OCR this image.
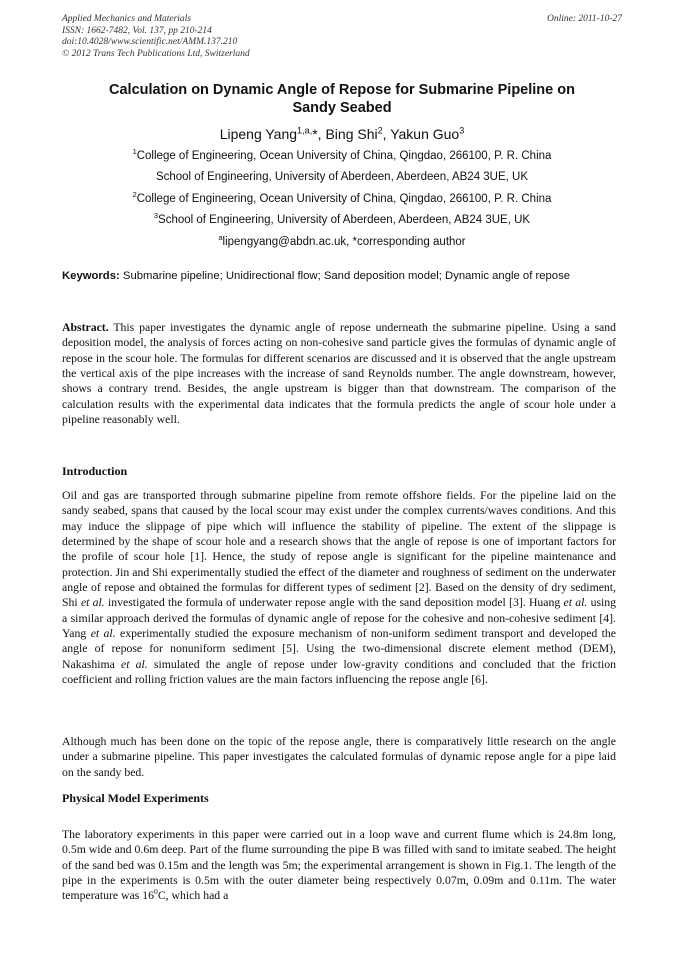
Applied Mechanics and Materials
ISSN: 1662-7482, Vol. 137, pp 210-214
doi:10.4028/www.scientific.net/AMM.137.210
© 2012 Trans Tech Publications Ltd, Switzerland
Online: 2011-10-27
Calculation on Dynamic Angle of Repose for Submarine Pipeline on
Sandy Seabed
Lipeng Yang$^{1,a,}$*, Bing Shi$^2$, Yakun Guo$^3$
$^1$College of Engineering, Ocean University of China, Qingdao, 266100, P. R. China
School of Engineering, University of Aberdeen, Aberdeen, AB24 3UE, UK
$^2$College of Engineering, Ocean University of China, Qingdao, 266100, P. R. China
$^3$School of Engineering, University of Aberdeen, Aberdeen, AB24 3UE, UK
$^a$lipengyang@abdn.ac.uk, *corresponding author
Keywords: Submarine pipeline; Unidirectional flow; Sand deposition model; Dynamic angle of repose
Abstract. This paper investigates the dynamic angle of repose underneath the submarine pipeline. Using a sand deposition model, the analysis of forces acting on non-cohesive sand particle gives the formulas of dynamic angle of repose in the scour hole. The formulas for different scenarios are discussed and it is observed that the angle upstream the vertical axis of the pipe increases with the increase of sand Reynolds number. The angle downstream, however, shows a contrary trend. Besides, the angle upstream is bigger than that downstream. The comparison of the calculation results with the experimental data indicates that the formula predicts the angle of scour hole under a pipeline reasonably well.
Introduction
Oil and gas are transported through submarine pipeline from remote offshore fields. For the pipeline laid on the sandy seabed, spans that caused by the local scour may exist under the complex currents/waves conditions. And this may induce the slippage of pipe which will influence the stability of pipeline. The extent of the slippage is determined by the shape of scour hole and a research shows that the angle of repose is one of important factors for the profile of scour hole [1]. Hence, the study of repose angle is significant for the pipeline maintenance and protection. Jin and Shi experimentally studied the effect of the diameter and roughness of sediment on the underwater angle of repose and obtained the formulas for different types of sediment [2]. Based on the density of dry sediment, Shi et al. investigated the formula of underwater repose angle with the sand deposition model [3]. Huang et al. using a similar approach derived the formulas of dynamic angle of repose for the cohesive and non-cohesive sediment [4]. Yang et al. experimentally studied the exposure mechanism of non-uniform sediment transport and developed the angle of repose for nonuniform sediment [5]. Using the two-dimensional discrete element method (DEM), Nakashima et al. simulated the angle of repose under low-gravity conditions and concluded that the friction coefficient and rolling friction values are the main factors influencing the repose angle [6].
Although much has been done on the topic of the repose angle, there is comparatively little research on the angle under a submarine pipeline. This paper investigates the calculated formulas of dynamic repose angle for a pipe laid on the sandy bed.
Physical Model Experiments
The laboratory experiments in this paper were carried out in a loop wave and current flume which is 24.8m long, 0.5m wide and 0.6m deep. Part of the flume surrounding the pipe B was filled with sand to imitate seabed. The height of the sand bed was 0.15m and the length was 5m; the experimental arrangement is shown in Fig.1. The length of the pipe in the experiments is 0.5m with the outer diameter being respectively 0.07m, 0.09m and 0.11m. The water temperature was $16^0C$, which had a
